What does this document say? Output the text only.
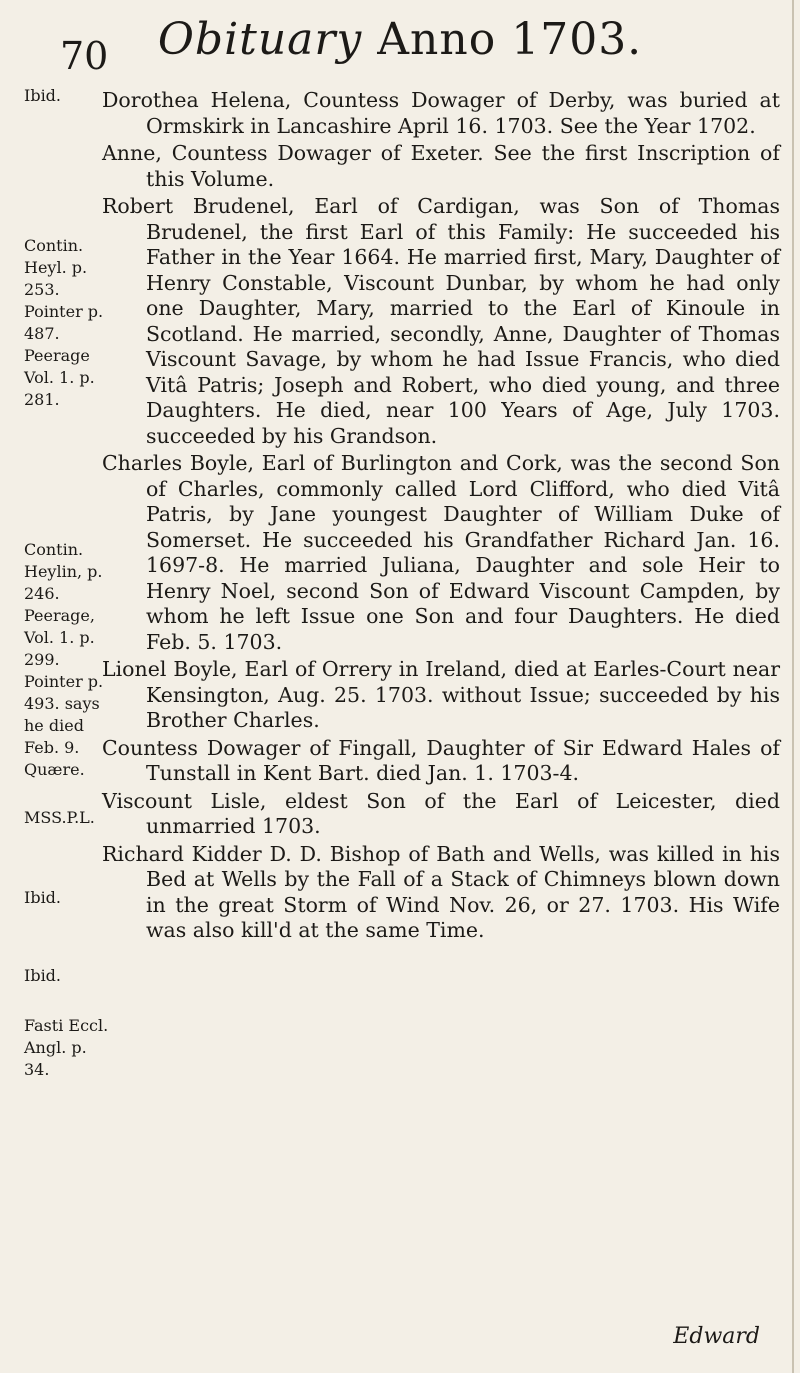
70	Obituary Anno 1703.
Ibid.
Contin. Heyl. p. 253. Pointer p. 487. Peerage Vol. 1. p. 281.
Contin. Heylin, p. 246. Peerage, Vol. 1. p. 299. Pointer p. 493. says he died Feb. 9. Quære.
MSS.P.L.
Ibid.
Ibid.
Fasti Eccl. Angl. p. 34.

Dorothea Helena, Countess Dowager of Derby, was buried at Ormskirk in Lancashire April 16. 1703. See the Year 1702.

Anne, Countess Dowager of Exeter. See the first Inscription of this Volume.

Robert Brudenel, Earl of Cardigan, was Son of Thomas Brudenel, the first Earl of this Family: He succeeded his Father in the Year 1664. He married first, Mary, Daughter of Henry Constable, Viscount Dunbar, by whom he had only one Daughter, Mary, married to the Earl of Kinoule in Scotland. He married, secondly, Anne, Daughter of Thomas Viscount Savage, by whom he had Issue Francis, who died Vitâ Patris; Joseph and Robert, who died young, and three Daughters. He died, near 100 Years of Age, July 1703. succeeded by his Grandson.

Charles Boyle, Earl of Burlington and Cork, was the second Son of Charles, commonly called Lord Clifford, who died Vitâ Patris, by Jane youngest Daughter of William Duke of Somerset. He succeeded his Grandfather Richard Jan. 16. 1697-8. He married Juliana, Daughter and sole Heir to Henry Noel, second Son of Edward Viscount Campden, by whom he left Issue one Son and four Daughters. He died Feb. 5. 1703.

Lionel Boyle, Earl of Orrery in Ireland, died at Earles-Court near Kensington, Aug. 25. 1703. without Issue; succeeded by his Brother Charles.

Countess Dowager of Fingall, Daughter of Sir Edward Hales of Tunstall in Kent Bart. died Jan. 1. 1703-4.

Viscount Lisle, eldest Son of the Earl of Leicester, died unmarried 1703.

Richard Kidder D. D. Bishop of Bath and Wells, was killed in his Bed at Wells by the Fall of a Stack of Chimneys blown down in the great Storm of Wind Nov. 26, or 27. 1703. His Wife was also kill'd at the same Time.

Edward
